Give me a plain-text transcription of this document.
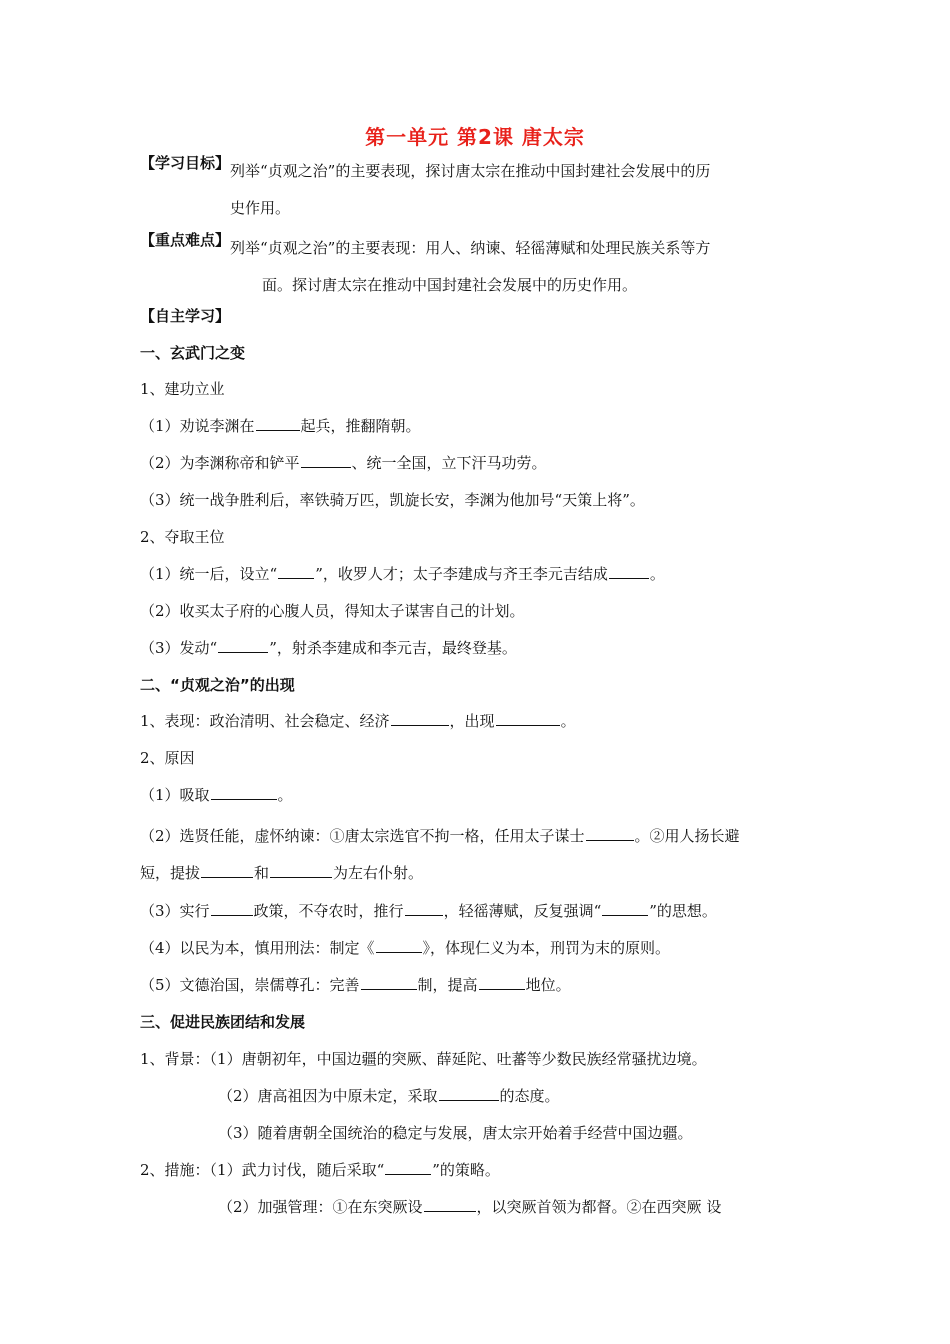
第一单元 第2课 唐太宗
【学习目标】 列举“贞观之治”的主要表现，探讨唐太宗在推动中国封建社会发展中的历
史作用。
【重点难点】 列举“贞观之治”的主要表现：用人、纳谏、轻徭薄赋和处理民族关系等方
面。探讨唐太宗在推动中国封建社会发展中的历史作用。
【自主学习】
一、玄武门之变
1、建功立业
（1）劝说李渊在	起兵，推翻隋朝。
（2）为李渊称帝和铲平	、统一全国，立下汗马功劳。
（3）统一战争胜利后，率铁骑万匹，凯旋长安，李渊为他加号“天策上将”。
2、夺取王位
（1）统一后，设立“	”，收罗人才；太子李建成与齐王李元吉结成	。
（2）收买太子府的心腹人员，得知太子谋害自己的计划。
（3）发动“	”，射杀李建成和李元吉，最终登基。
二、“贞观之治”的出现
1、表现：政治清明、社会稳定、经济	，出现	。
2、原因
（1）吸取	。
（2）选贤任能，虚怀纳谏：①唐太宗选官不拘一格，任用太子谋士	。②用人扬长避
短，提拔	和	为左右仆射。
（3）实行	政策，不夺农时，推行	，轻徭薄赋，反复强调“	”的思想。
（4）以民为本，慎用刑法：制定《	》，体现仁义为本，刑罚为末的原则。
（5）文德治国，崇儒尊孔：完善	制，提高	地位。
三、促进民族团结和发展
1、背景：（1）唐朝初年，中国边疆的突厥、薛延陀、吐蕃等少数民族经常骚扰边境。
（2）唐高祖因为中原未定，采取	的态度。
（3）随着唐朝全国统治的稳定与发展，唐太宗开始着手经营中国边疆。
2、措施：（1）武力讨伐，随后采取“	”的策略。
（2）加强管理：①在东突厥设	，以突厥首领为都督。②在西突厥 设
